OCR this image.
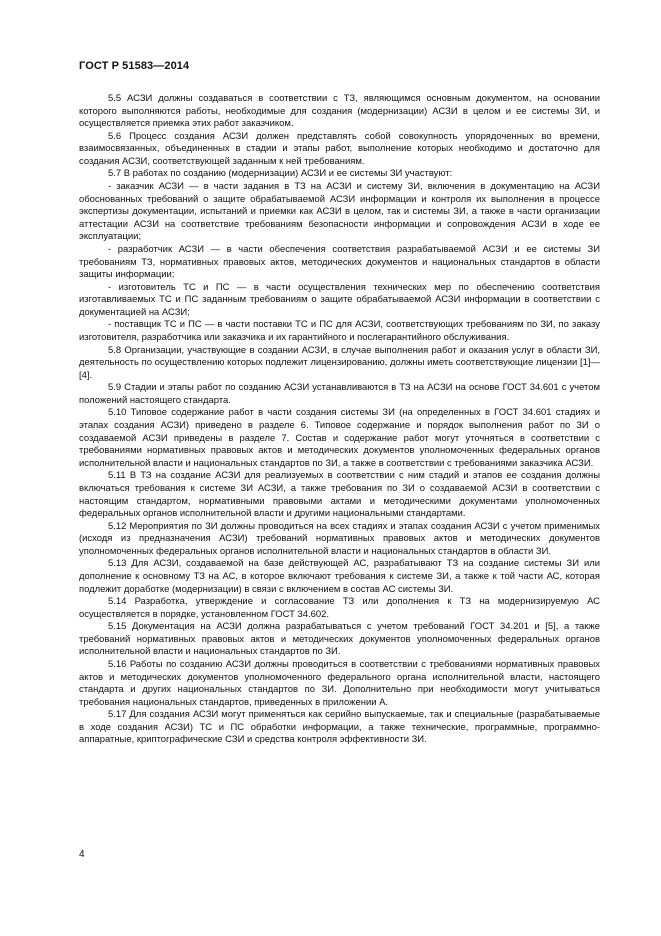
ГОСТ Р 51583—2014

5.5 АСЗИ должны создаваться в соответствии с ТЗ, являющимся основным документом, на основании которого выполняются работы, необходимые для создания (модернизации) АСЗИ в целом и ее системы ЗИ, и осуществляется приемка этих работ заказчиком.

5.6 Процесс создания АСЗИ должен представлять собой совокупность упорядоченных во времени, взаимосвязанных, объединенных в стадии и этапы работ, выполнение которых необходимо и достаточно для создания АСЗИ, соответствующей заданным к ней требованиям.

5.7 В работах по созданию (модернизации) АСЗИ и ее системы ЗИ участвуют:

- заказчик АСЗИ — в части задания в ТЗ на АСЗИ и систему ЗИ, включения в документацию на АСЗИ обоснованных требований о защите обрабатываемой АСЗИ информации и контроля их выполнения в процессе экспертизы документации, испытаний и приемки как АСЗИ в целом, так и системы ЗИ, а также в части организации аттестации АСЗИ на соответствие требованиям безопасности информации и сопровождения АСЗИ в ходе ее эксплуатации;

- разработчик АСЗИ — в части обеспечения соответствия разрабатываемой АСЗИ и ее системы ЗИ требованиям ТЗ, нормативных правовых актов, методических документов и национальных стандартов в области защиты информации;

- изготовитель ТС и ПС — в части осуществления технических мер по обеспечению соответствия изготавливаемых ТС и ПС заданным требованиям о защите обрабатываемой АСЗИ информации в соответствии с документацией на АСЗИ;

- поставщик ТС и ПС — в части поставки ТС и ПС для АСЗИ, соответствующих требованиям по ЗИ, по заказу изготовителя, разработчика или заказчика и их гарантийного и послегарантийного обслуживания.

5.8 Организации, участвующие в создании АСЗИ, в случае выполнения работ и оказания услуг в области ЗИ, деятельность по осуществлению которых подлежит лицензированию, должны иметь соответствующие лицензии [1]—[4].

5.9 Стадии и этапы работ по созданию АСЗИ устанавливаются в ТЗ на АСЗИ на основе ГОСТ 34.601 с учетом положений настоящего стандарта.

5.10 Типовое содержание работ в части создания системы ЗИ (на определенных в ГОСТ 34.601 стадиях и этапах создания АСЗИ) приведено в разделе 6. Типовое содержание и порядок выполнения работ по ЗИ о создаваемой АСЗИ приведены в разделе 7. Состав и содержание работ могут уточняться в соответствии с требованиями нормативных правовых актов и методических документов уполномоченных федеральных органов исполнительной власти и национальных стандартов по ЗИ, а также в соответствии с требованиями заказчика АСЗИ.

5.11 В ТЗ на создание АСЗИ для реализуемых в соответствии с ним стадий и этапов ее создания должны включаться требования к системе ЗИ АСЗИ, а также требования по ЗИ о создаваемой АСЗИ в соответствии с настоящим стандартом, нормативными правовыми актами и методическими документами уполномоченных федеральных органов исполнительной власти и другими национальными стандартами.

5.12 Мероприятия по ЗИ должны проводиться на всех стадиях и этапах создания АСЗИ с учетом применимых (исходя из предназначения АСЗИ) требований нормативных правовых актов и методических документов уполномоченных федеральных органов исполнительной власти и национальных стандартов в области ЗИ.

5.13 Для АСЗИ, создаваемой на базе действующей АС, разрабатывают ТЗ на создание системы ЗИ или дополнение к основному ТЗ на АС, в которое включают требования к системе ЗИ, а также к той части АС, которая подлежит доработке (модернизации) в связи с включением в состав АС системы ЗИ.

5.14 Разработка, утверждение и согласование ТЗ или дополнения к ТЗ на модернизируемую АС осуществляется в порядке, установленном ГОСТ 34.602.

5.15 Документация на АСЗИ должна разрабатываться с учетом требований ГОСТ 34.201 и [5], а также требований нормативных правовых актов и методических документов уполномоченных федеральных органов исполнительной власти и национальных стандартов по ЗИ.

5.16 Работы по созданию АСЗИ должны проводиться в соответствии с требованиями нормативных правовых актов и методических документов уполномоченного федерального органа исполнительной власти, настоящего стандарта и других национальных стандартов по ЗИ. Дополнительно при необходимости могут учитываться требования национальных стандартов, приведенных в приложении А.

5.17 Для создания АСЗИ могут применяться как серийно выпускаемые, так и специальные (разрабатываемые в ходе создания АСЗИ) ТС и ПС обработки информации, а также технические, программные, программно-аппаратные, криптографические СЗИ и средства контроля эффективности ЗИ.

4
